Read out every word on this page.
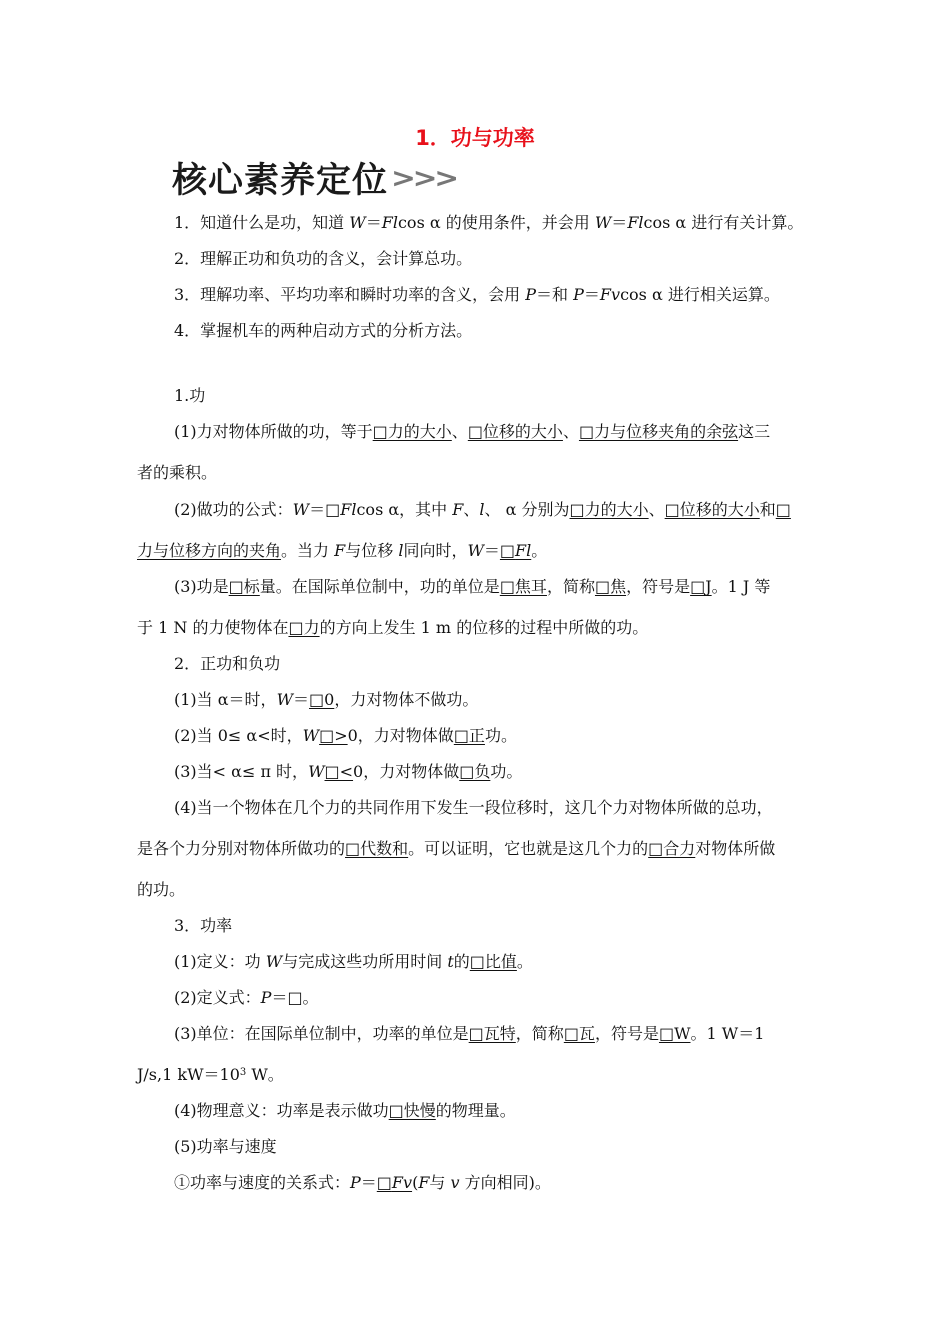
1．功与功率
核心素养定位 >>>
1．知道什么是功，知道 W＝Flcos α 的使用条件，并会用 W＝Flcos α 进行有关计算。
2．理解正功和负功的含义，会计算总功。
3．理解功率、平均功率和瞬时功率的含义，会用 P＝和 P＝Fvcos α 进行相关运算。
4．掌握机车的两种启动方式的分析方法。
1.功
(1)力对物体所做的功，等于□力的大小、□位移的大小、□力与位移夹角的余弦这三
者的乘积。
(2)做功的公式：W＝□Flcos α，其中 F、l、 α 分别为□力的大小、□位移的大小和□
力与位移方向的夹角。当力 F与位移 l同向时，W＝□Fl。
(3)功是□标量。在国际单位制中，功的单位是□焦耳，简称□焦，符号是□J。1 J 等
于 1 N 的力使物体在□力的方向上发生 1 m 的位移的过程中所做的功。
2．正功和负功
(1)当 α＝时，W＝□0，力对物体不做功。
(2)当 0≤ α<时，W□>0，力对物体做□正功。
(3)当< α≤ π 时，W□<0，力对物体做□负功。
(4)当一个物体在几个力的共同作用下发生一段位移时，这几个力对物体所做的总功，
是各个力分别对物体所做功的□代数和。可以证明，它也就是这几个力的□合力对物体所做
的功。
3．功率
(1)定义：功 W与完成这些功所用时间 t的□比值。
(2)定义式：P＝□。
(3)单位：在国际单位制中，功率的单位是□瓦特，简称□瓦，符号是□W。1 W＝1
J/s,1 $kW=10^3$ W。
(4)物理意义：功率是表示做功□快慢的物理量。
(5)功率与速度
①功率与速度的关系式：P＝□Fv(F与 v 方向相同)。
